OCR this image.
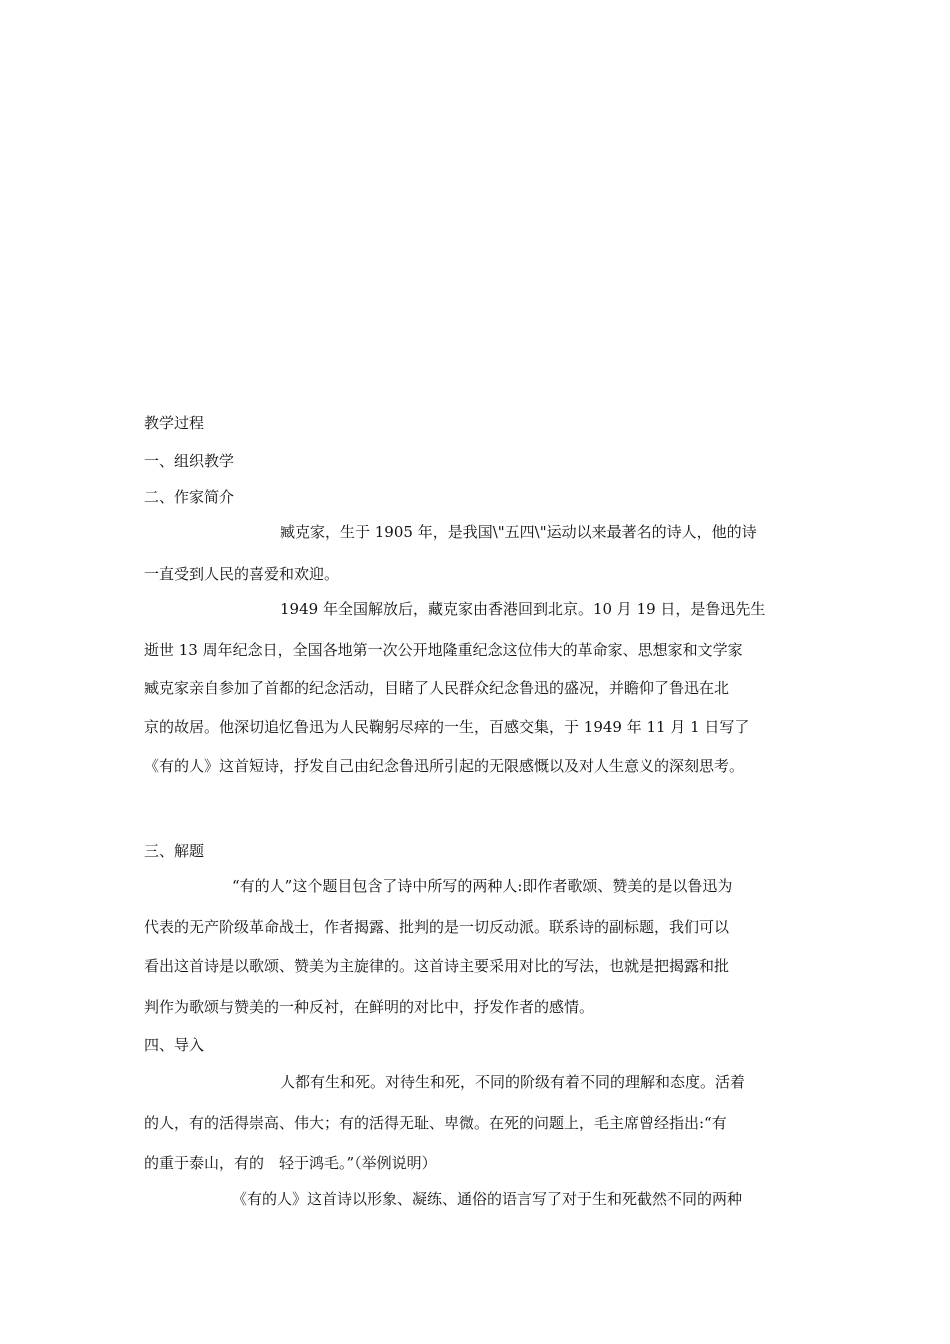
教学过程
一、组织教学
二、作家简介
臧克家，生于 1905 年，是我国\"五四\"运动以来最著名的诗人，他的诗
一直受到人民的喜爱和欢迎。
1949 年全国解放后，藏克家由香港回到北京。10 月 19 日，是鲁迅先生
逝世 13 周年纪念日，全国各地第一次公开地隆重纪念这位伟大的革命家、思想家和文学家
臧克家亲自参加了首都的纪念活动，目睹了人民群众纪念鲁迅的盛况，并瞻仰了鲁迅在北
京的故居。他深切追忆鲁迅为人民鞠躬尽瘁的一生，百感交集，于 1949 年 11 月 1 日写了
《有的人》这首短诗，抒发自己由纪念鲁迅所引起的无限感慨以及对人生意义的深刻思考。
三、解题
“有的人”这个题目包含了诗中所写的两种人:即作者歌颂、赞美的是以鲁迅为
代表的无产阶级革命战士，作者揭露、批判的是一切反动派。联系诗的副标题，我们可以
看出这首诗是以歌颂、赞美为主旋律的。这首诗主要采用对比的写法，也就是把揭露和批
判作为歌颂与赞美的一种反衬，在鲜明的对比中，抒发作者的感情。
四、导入
人都有生和死。对待生和死，不同的阶级有着不同的理解和态度。活着
的人，有的活得崇高、伟大；有的活得无耻、卑微。在死的问题上，毛主席曾经指出:“有
的重于泰山，有的　轻于鸿毛。”（举例说明）
《有的人》这首诗以形象、凝练、通俗的语言写了对于生和死截然不同的两种
